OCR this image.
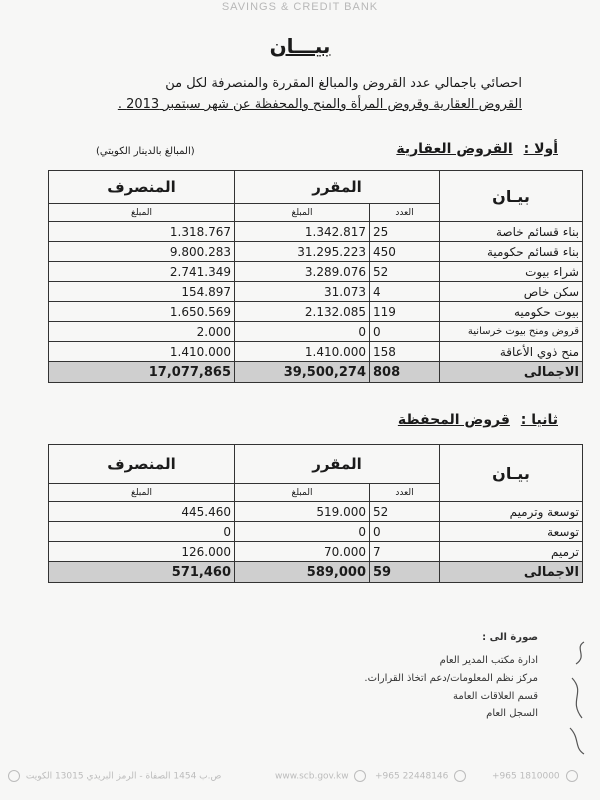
SAVINGS & CREDIT BANK
بيـــان
احصائي باجمالي عدد القروض والمبالغ المقررة والمنصرفة لكل من
القروض العقارية وقروض المرأة والمنح والمحفظة عن شهر سبتمبر 2013 .
(المبالغ بالدينار الكويتي)	أولا : القروض العقارية
المنصرف	المقرر		بيـان
المبلغ	المبلغ	العدد	
1.318.767	1.342.817	25	بناء قسائم خاصة
9.800.283	31.295.223	450	بناء قسائم حكومية
2.741.349	3.289.076	52	شراء بيوت
154.897	31.073	4	سكن خاص
1.650.569	2.132.085	119	بيوت حكوميه
2.000	0	0	قروض ومنح بيوت خرسانية
1.410.000	1.410.000	158	منح ذوي الأعاقة
17,077,865	39,500,274	808	الاجمالى
ثانيا : قروض المحفظة
المنصرف	المقرر		بيـان
المبلغ	المبلغ	العدد	
445.460	519.000	52	توسعة وترميم
0	0	0	توسعة
126.000	70.000	7	ترميم
571,460	589,000	59	الاجمالى
صورة الى :
ادارة مكتب المدير العام
مركز نظم المعلومات/دعم اتخاذ القرارات.
قسم العلاقات العامة
السجل العام
ص.ب 1454 الصفاة - الرمز البريدي 13015 الكويت	www.scb.gov.kw	+965 22448146	+965 1810000
